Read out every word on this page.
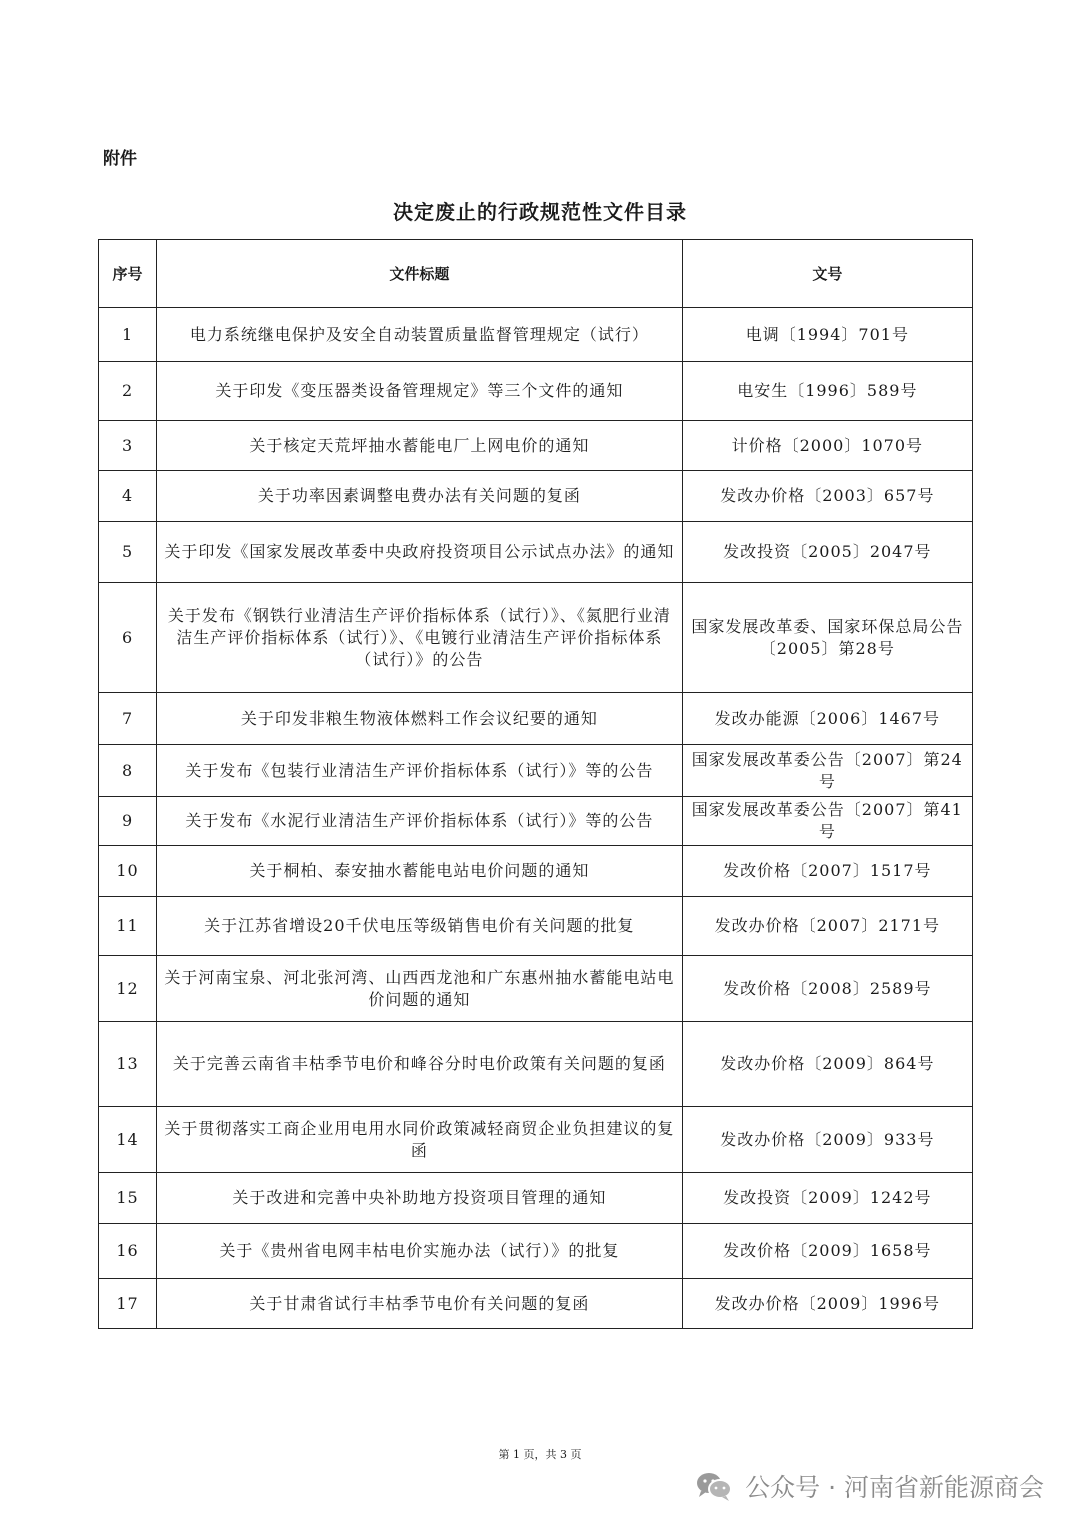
附件
决定废止的行政规范性文件目录
序号	文件标题	文号
1	电力系统继电保护及安全自动装置质量监督管理规定（试行）	电调〔1994〕701号
2	关于印发《变压器类设备管理规定》等三个文件的通知	电安生〔1996〕589号
3	关于核定天荒坪抽水蓄能电厂上网电价的通知	计价格〔2000〕1070号
4	关于功率因素调整电费办法有关问题的复函	发改办价格〔2003〕657号
5	关于印发《国家发展改革委中央政府投资项目公示试点办法》的通知	发改投资〔2005〕2047号
6	关于发布《钢铁行业清洁生产评价指标体系（试行）》、《氮肥行业清洁生产评价指标体系（试行）》、《电镀行业清洁生产评价指标体系（试行）》的公告	国家发展改革委、国家环保总局公告　〔2005〕第28号
7	关于印发非粮生物液体燃料工作会议纪要的通知	发改办能源〔2006〕1467号
8	关于发布《包装行业清洁生产评价指标体系（试行）》等的公告	国家发展改革委公告〔2007〕第24号
9	关于发布《水泥行业清洁生产评价指标体系（试行）》等的公告	国家发展改革委公告〔2007〕第41号
10	关于桐柏、泰安抽水蓄能电站电价问题的通知	发改价格〔2007〕1517号
11	关于江苏省增设20千伏电压等级销售电价有关问题的批复	发改办价格〔2007〕2171号
12	关于河南宝泉、河北张河湾、山西西龙池和广东惠州抽水蓄能电站电价问题的通知	发改价格〔2008〕2589号
13	关于完善云南省丰枯季节电价和峰谷分时电价政策有关问题的复函	发改办价格〔2009〕864号
14	关于贯彻落实工商企业用电用水同价政策减轻商贸企业负担建议的复函	发改办价格〔2009〕933号
15	关于改进和完善中央补助地方投资项目管理的通知	发改投资〔2009〕1242号
16	关于《贵州省电网丰枯电价实施办法（试行）》的批复	发改价格〔2009〕1658号
17	关于甘肃省试行丰枯季节电价有关问题的复函	发改办价格〔2009〕1996号
第 1 页，共 3 页
公众号 · 河南省新能源商会
